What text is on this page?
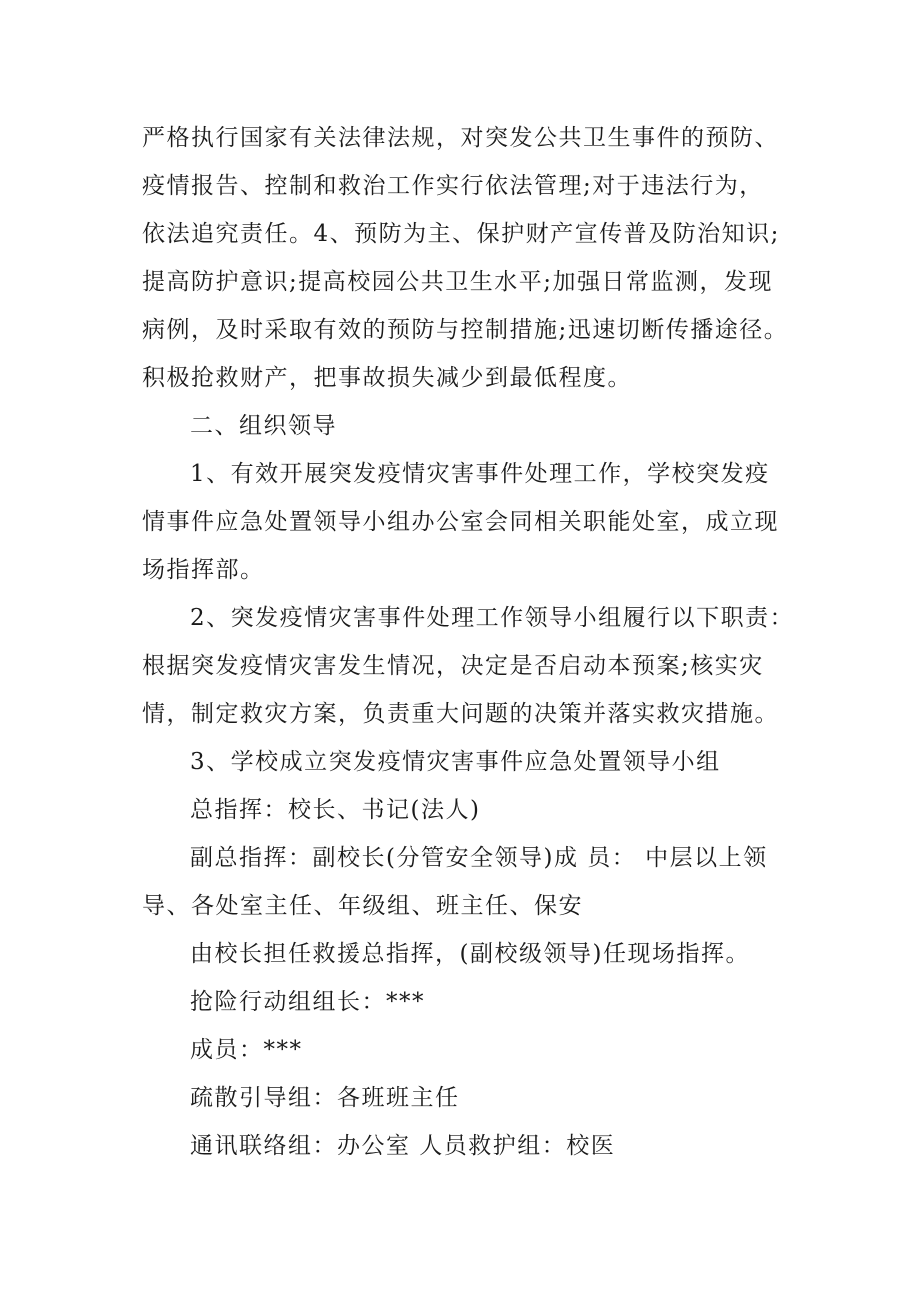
严格执行国家有关法律法规，对突发公共卫生事件的预防、
疫情报告、控制和救治工作实行依法管理;对于违法行为，
依法追究责任。4、预防为主、保护财产宣传普及防治知识;
提高防护意识;提高校园公共卫生水平;加强日常监测，发现
病例，及时采取有效的预防与控制措施;迅速切断传播途径。
积极抢救财产，把事故损失减少到最低程度。
二、组织领导
1、有效开展突发疫情灾害事件处理工作，学校突发疫
情事件应急处置领导小组办公室会同相关职能处室，成立现
场指挥部。
2、突发疫情灾害事件处理工作领导小组履行以下职责：
根据突发疫情灾害发生情况，决定是否启动本预案;核实灾
情，制定救灾方案，负责重大问题的决策并落实救灾措施。
3、学校成立突发疫情灾害事件应急处置领导小组
总指挥：校长、书记(法人)
副总指挥：副校长(分管安全领导)成 员： 中层以上领
导、各处室主任、年级组、班主任、保安
由校长担任救援总指挥，(副校级领导)任现场指挥。
抢险行动组组长：***
成员：***
疏散引导组：各班班主任
通讯联络组：办公室 人员救护组：校医
